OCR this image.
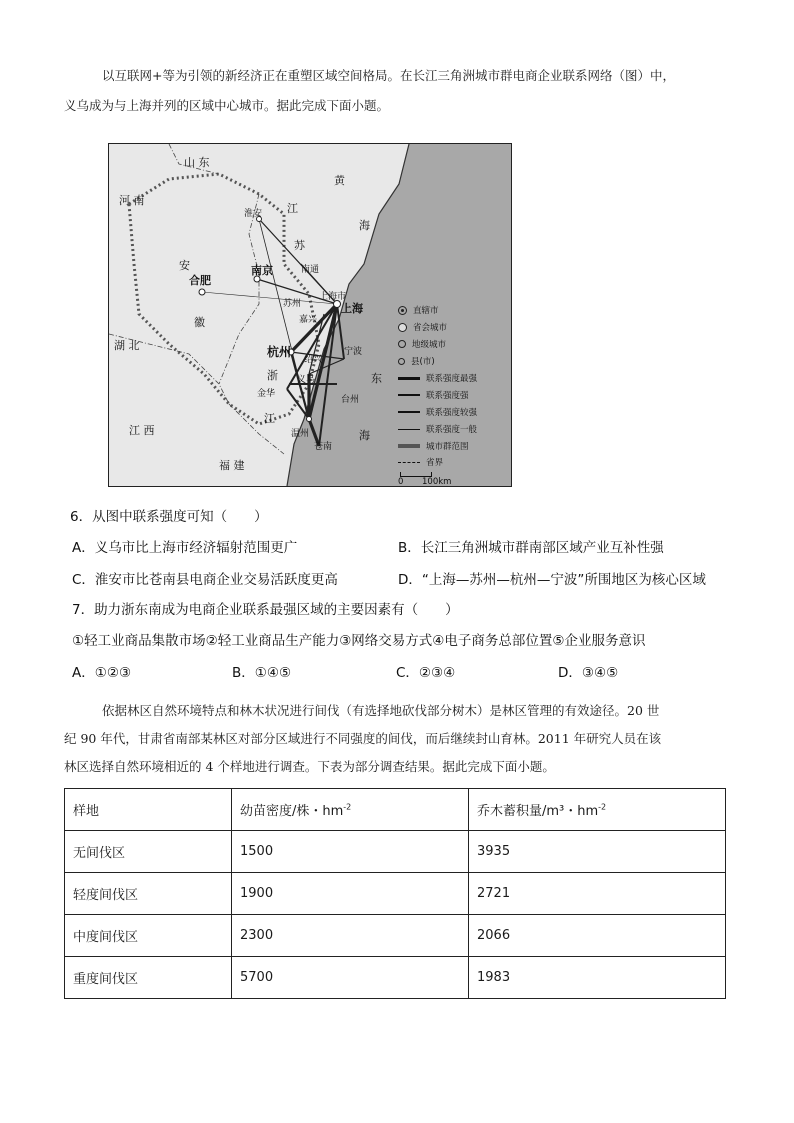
以互联网+等为引领的新经济正在重塑区域空间格局。在长江三角洲城市群电商企业联系网络（图）中，
义乌成为与上海并列的区域中心城市。据此完成下面小题。
山 东
河 南
安
徽
湖 北
江 西
福 建
江
苏
浙
江
黄
海
东
海
合肥
南京
淮安
南通
上海市
上海
苏州
嘉兴
杭州
绍兴
宁波
金华
义乌
台州
温州
苍南
直辖市
省会城市
地级城市
县(市)
联系强度最强
联系强度强
联系强度较强
联系强度一般
城市群范围
省界
0 100km
6．从图中联系强度可知（　　）
A．义乌市比上海市经济辐射范围更广	B．长江三角洲城市群南部区域产业互补性强
C．淮安市比苍南县电商企业交易活跃度更高	D．“上海—苏州—杭州—宁波”所围地区为核心区域
7．助力浙东南成为电商企业联系最强区域的主要因素有（　　）
①轻工业商品集散市场②轻工业商品生产能力③网络交易方式④电子商务总部位置⑤企业服务意识
A．①②③	B．①④⑤	C．②③④	D．③④⑤
依据林区自然环境特点和林木状况进行间伐（有选择地砍伐部分树木）是林区管理的有效途径。20 世
纪 90 年代，甘肃省南部某林区对部分区域进行不同强度的间伐，而后继续封山育林。2011 年研究人员在该
林区选择自然环境相近的 4 个样地进行调查。下表为部分调查结果。据此完成下面小题。
样地	幼苗密度/株・$hm^{-2}$	乔木蓄积量/m³・$hm^{-2}$
无间伐区	1500	3935
轻度间伐区	1900	2721
中度间伐区	2300	2066
重度间伐区	5700	1983
